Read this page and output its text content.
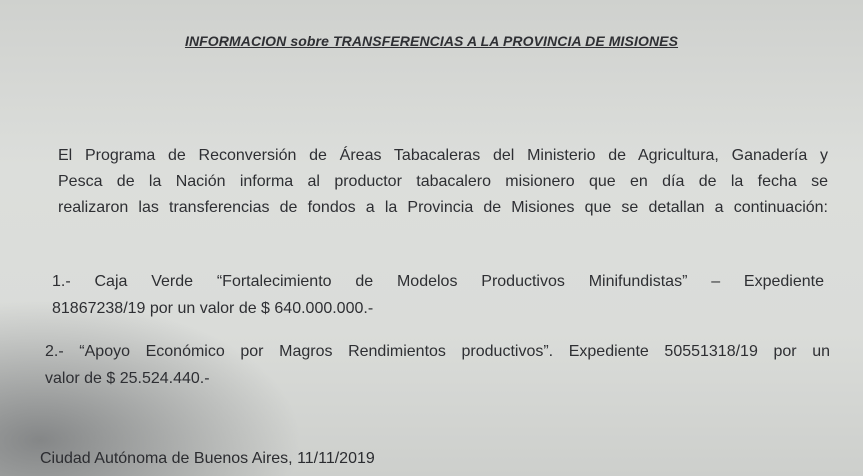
INFORMACION sobre TRANSFERENCIAS A LA PROVINCIA DE MISIONES
El Programa de Reconversión de Áreas Tabacaleras del Ministerio de Agricultura, Ganadería y
Pesca de la Nación informa al productor tabacalero misionero que en día de la fecha se
realizaron las transferencias de fondos a la Provincia de Misiones que se detallan a continuación:
1.- Caja Verde “Fortalecimiento de Modelos Productivos Minifundistas” – Expediente
81867238/19 por un valor de $ 640.000.000.-
2.- “Apoyo Económico por Magros Rendimientos productivos”. Expediente 50551318/19 por un
valor de $ 25.524.440.-
Ciudad Autónoma de Buenos Aires, 11/11/2019
